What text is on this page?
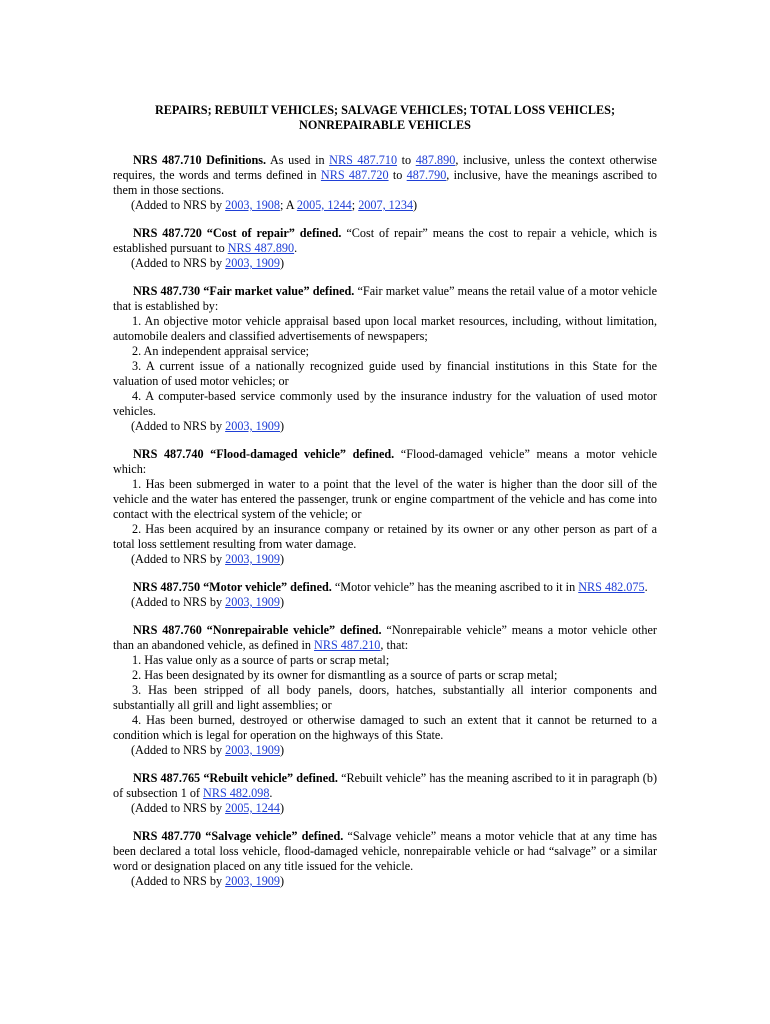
REPAIRS; REBUILT VEHICLES; SALVAGE VEHICLES; TOTAL LOSS VEHICLES;
NONREPAIRABLE VEHICLES

NRS 487.710 Definitions. As used in NRS 487.710 to 487.890, inclusive, unless the context otherwise requires, the words and terms defined in NRS 487.720 to 487.790, inclusive, have the meanings ascribed to them in those sections.

(Added to NRS by 2003, 1908; A 2005, 1244; 2007, 1234)

NRS 487.720 “Cost of repair” defined. “Cost of repair” means the cost to repair a vehicle, which is established pursuant to NRS 487.890.

(Added to NRS by 2003, 1909)

NRS 487.730 “Fair market value” defined. “Fair market value” means the retail value of a motor vehicle that is established by:

1. An objective motor vehicle appraisal based upon local market resources, including, without limitation, automobile dealers and classified advertisements of newspapers;

2. An independent appraisal service;

3. A current issue of a nationally recognized guide used by financial institutions in this State for the valuation of used motor vehicles; or

4. A computer-based service commonly used by the insurance industry for the valuation of used motor vehicles.

(Added to NRS by 2003, 1909)

NRS 487.740 “Flood-damaged vehicle” defined. “Flood-damaged vehicle” means a motor vehicle which:

1. Has been submerged in water to a point that the level of the water is higher than the door sill of the vehicle and the water has entered the passenger, trunk or engine compartment of the vehicle and has come into contact with the electrical system of the vehicle; or

2. Has been acquired by an insurance company or retained by its owner or any other person as part of a total loss settlement resulting from water damage.

(Added to NRS by 2003, 1909)

NRS 487.750 “Motor vehicle” defined. “Motor vehicle” has the meaning ascribed to it in NRS 482.075.

(Added to NRS by 2003, 1909)

NRS 487.760 “Nonrepairable vehicle” defined. “Nonrepairable vehicle” means a motor vehicle other than an abandoned vehicle, as defined in NRS 487.210, that:

1. Has value only as a source of parts or scrap metal;

2. Has been designated by its owner for dismantling as a source of parts or scrap metal;

3. Has been stripped of all body panels, doors, hatches, substantially all interior components and substantially all grill and light assemblies; or

4. Has been burned, destroyed or otherwise damaged to such an extent that it cannot be returned to a condition which is legal for operation on the highways of this State.

(Added to NRS by 2003, 1909)

NRS 487.765 “Rebuilt vehicle” defined. “Rebuilt vehicle” has the meaning ascribed to it in paragraph (b) of subsection 1 of NRS 482.098.

(Added to NRS by 2005, 1244)

NRS 487.770 “Salvage vehicle” defined. “Salvage vehicle” means a motor vehicle that at any time has been declared a total loss vehicle, flood-damaged vehicle, nonrepairable vehicle or had “salvage” or a similar word or designation placed on any title issued for the vehicle.

(Added to NRS by 2003, 1909)
